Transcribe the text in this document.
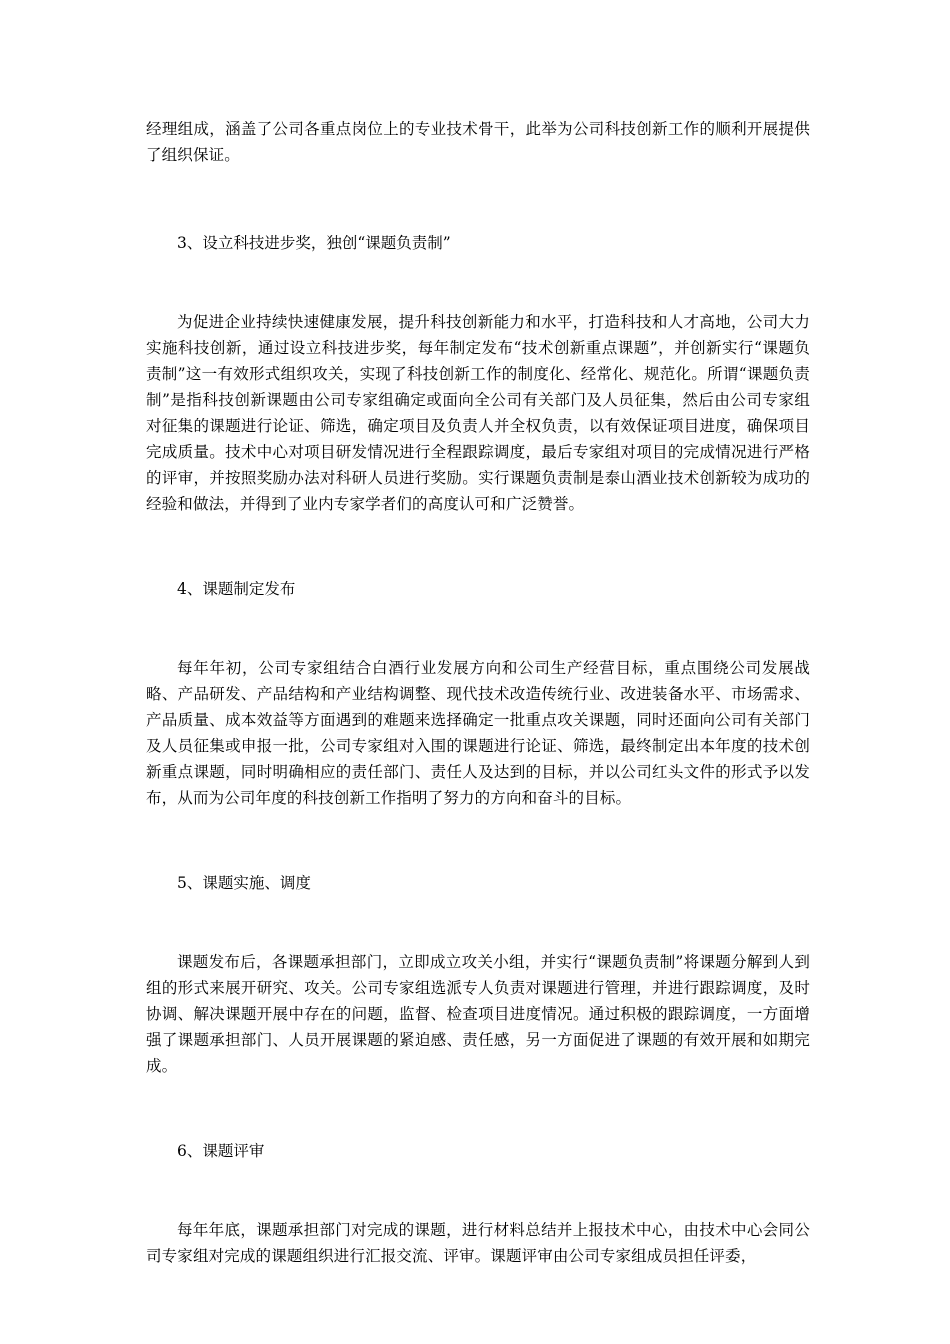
经理组成，涵盖了公司各重点岗位上的专业技术骨干，此举为公司科技创新工作的顺利开展提供了组织保证。

3、设立科技进步奖，独创“课题负责制”

为促进企业持续快速健康发展，提升科技创新能力和水平，打造科技和人才高地，公司大力实施科技创新，通过设立科技进步奖，每年制定发布“技术创新重点课题”，并创新实行“课题负责制”这一有效形式组织攻关，实现了科技创新工作的制度化、经常化、规范化。所谓“课题负责制”是指科技创新课题由公司专家组确定或面向全公司有关部门及人员征集，然后由公司专家组对征集的课题进行论证、筛选，确定项目及负责人并全权负责，以有效保证项目进度，确保项目完成质量。技术中心对项目研发情况进行全程跟踪调度，最后专家组对项目的完成情况进行严格的评审，并按照奖励办法对科研人员进行奖励。实行课题负责制是泰山酒业技术创新较为成功的经验和做法，并得到了业内专家学者们的高度认可和广泛赞誉。

4、课题制定发布

每年年初，公司专家组结合白酒行业发展方向和公司生产经营目标，重点围绕公司发展战略、产品研发、产品结构和产业结构调整、现代技术改造传统行业、改进装备水平、市场需求、产品质量、成本效益等方面遇到的难题来选择确定一批重点攻关课题，同时还面向公司有关部门及人员征集或申报一批，公司专家组对入围的课题进行论证、筛选，最终制定出本年度的技术创新重点课题，同时明确相应的责任部门、责任人及达到的目标，并以公司红头文件的形式予以发布，从而为公司年度的科技创新工作指明了努力的方向和奋斗的目标。

5、课题实施、调度

课题发布后，各课题承担部门，立即成立攻关小组，并实行“课题负责制”将课题分解到人到组的形式来展开研究、攻关。公司专家组选派专人负责对课题进行管理，并进行跟踪调度，及时协调、解决课题开展中存在的问题，监督、检查项目进度情况。通过积极的跟踪调度，一方面增强了课题承担部门、人员开展课题的紧迫感、责任感，另一方面促进了课题的有效开展和如期完成。

6、课题评审

每年年底，课题承担部门对完成的课题，进行材料总结并上报技术中心，由技术中心会同公司专家组对完成的课题组织进行汇报交流、评审。课题评审由公司专家组成员担任评委，
